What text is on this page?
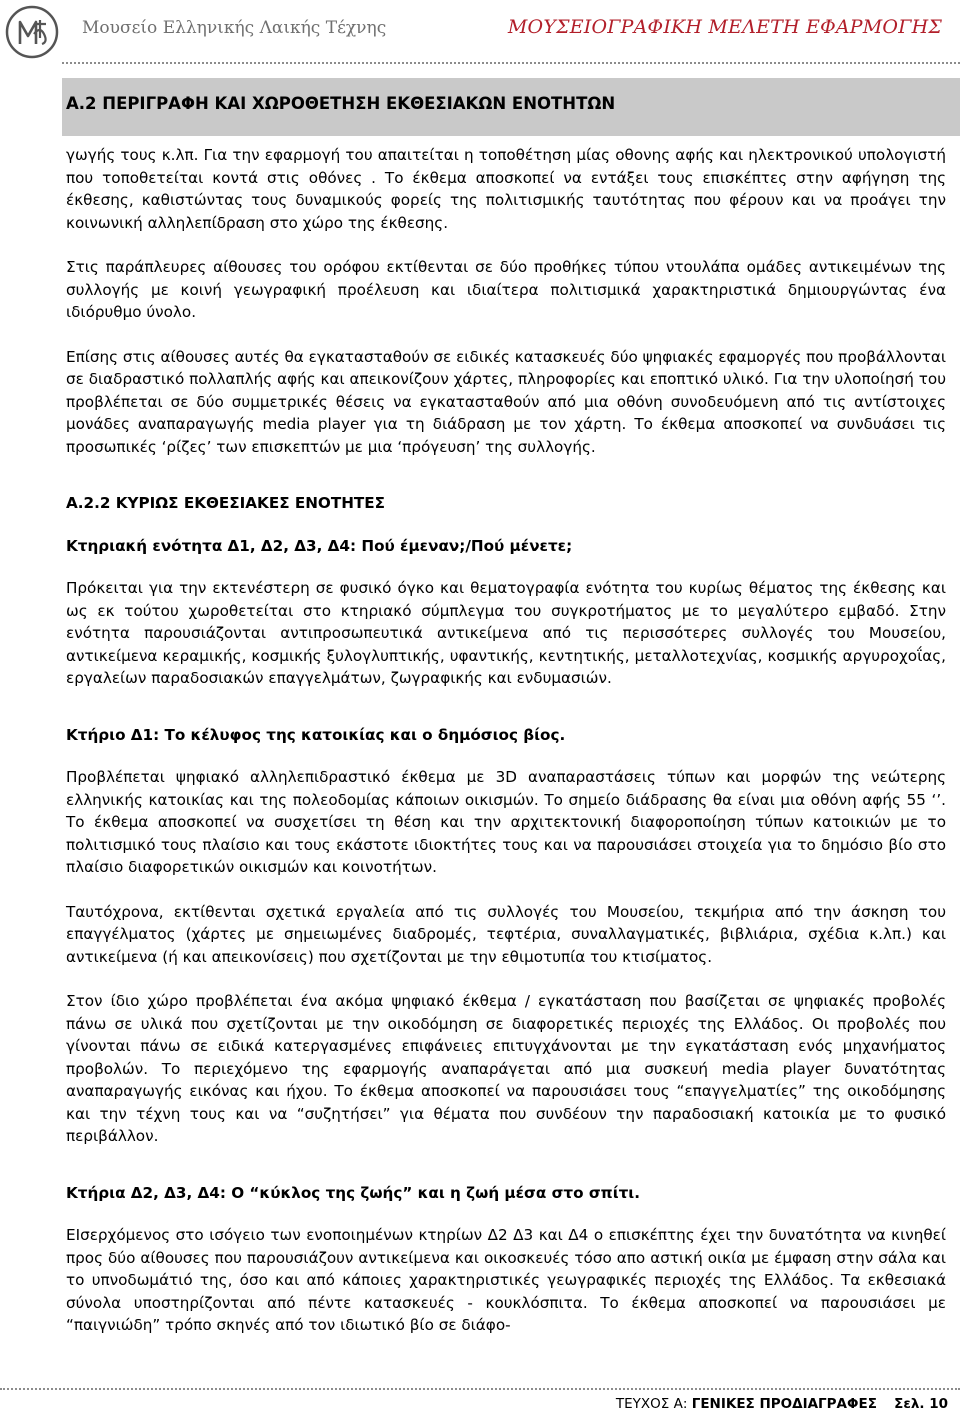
Μουσείο Ελληνικής Λαικής Τέχνης	ΜΟΥΣΕΙΟΓΡΑΦΙΚΗ ΜΕΛΕΤΗ ΕΦΑΡΜΟΓΗΣ
Α.2 ΠΕΡΙΓΡΑΦΗ ΚΑΙ ΧΩΡΟΘΕΤΗΣΗ ΕΚΘΕΣΙΑΚΩΝ ΕΝΟΤΗΤΩΝ

γωγής τους κ.λπ. Για την εφαρμογή του απαιτείται η τοποθέτηση μίας οθονης αφής και ηλεκτρονικού υπολογιστή που τοποθετείται κοντά στις οθόνες . Το έκθεμα αποσκοπεί να εντάξει τους επισκέπτες στην αφήγηση της έκθεσης, καθιστώντας τους δυναμικούς φορείς της πολιτισμικής ταυτότητας που φέρουν και να προάγει την κοινωνική αλληλεπίδραση στο χώρο της έκθεσης.

Στις παράπλευρες αίθουσες του ορόφου εκτίθενται σε δύο προθήκες τύπου ντουλάπα ομάδες αντικειμένων της συλλογής με κοινή γεωγραφική προέλευση και ιδιαίτερα πολιτισμικά χαρακτηριστικά δημιουργώντας ένα ιδιόρυθμο ύνολο.

Επίσης στις αίθουσες αυτές θα εγκατασταθούν σε ειδικές κατασκευές δύο ψηφιακές εφαμοργές που προβάλλονται σε διαδραστικό πολλαπλής αφής και απεικονίζουν χάρτες, πληροφορίες και εποπτικό υλικό. Για την υλοποίησή του προβλέπεται σε δύο συμμετρικές θέσεις να εγκατασταθούν από μια οθόνη συνοδευόμενη από τις αντίστοιχες μονάδες αναπαραγωγής media player για τη διάδραση με τον χάρτη. Το έκθεμα αποσκοπεί να συνδυάσει τις προσωπικές ‘ρίζες’ των επισκεπτών με μια ‘πρόγευση’ της συλλογής.

Α.2.2 ΚΥΡΙΩΣ ΕΚΘΕΣΙΑΚΕΣ ΕΝΟΤΗΤΕΣ
Κτηριακή ενότητα Δ1, Δ2, Δ3, Δ4: Πού έμεναν;/Πού μένετε;

Πρόκειται για την εκτενέστερη σε φυσικό όγκο και θεματογραφία ενότητα του κυρίως θέματος της έκθεσης και ως εκ τούτου χωροθετείται στο κτηριακό σύμπλεγμα του συγκροτήματος με το μεγαλύτερο εμβαδό. Στην ενότητα παρουσιάζονται αντιπροσωπευτικά αντικείμενα από τις περισσότερες συλλογές του Μουσείου, αντικείμενα κεραμικής, κοσμικής ξυλογλυπτικής, υφαντικής, κεντητικής, μεταλλοτεχνίας, κοσμικής αργυροχοΐας, εργαλείων παραδοσιακών επαγγελμάτων, ζωγραφικής και ενδυμασιών.

Κτήριο Δ1: Το κέλυφος της κατοικίας και ο δημόσιος βίος.

Προβλέπεται ψηφιακό αλληλεπιδραστικό έκθεμα με 3D αναπαραστάσεις τύπων και μορφών της νεώτερης ελληνικής κατοικίας και της πολεοδομίας κάποιων οικισμών. Το σημείο διάδρασης θα είναι μια οθόνη αφής 55 ‘’. Το έκθεμα αποσκοπεί να συσχετίσει τη θέση και την αρχιτεκτονική διαφοροποίηση τύπων κατοικιών με το πολιτισμικό τους πλαίσιο και τους εκάστοτε ιδιοκτήτες τους και να παρουσιάσει στοιχεία για το δημόσιο βίο στο πλαίσιο διαφορετικών οικισμών και κοινοτήτων.

Ταυτόχρονα, εκτίθενται σχετικά εργαλεία από τις συλλογές του Μουσείου, τεκμήρια από την άσκηση του επαγγέλματος (χάρτες με σημειωμένες διαδρομές, τεφτέρια, συναλλαγματικές, βιβλιάρια, σχέδια κ.λπ.) και αντικείμενα (ή και απεικονίσεις) που σχετίζονται με την εθιμοτυπία του κτισίματος.

Στον ίδιο χώρο προβλέπεται ένα ακόμα ψηφιακό έκθεμα / εγκατάσταση που βασίζεται σε ψηφιακές προβολές πάνω σε υλικά που σχετίζονται με την οικοδόμηση σε διαφορετικές περιοχές της Ελλάδος. Οι προβολές που γίνονται πάνω σε ειδικά κατεργασμένες επιφάνειες επιτυγχάνονται με την εγκατάσταση ενός μηχανήματος προβολών. Το περιεχόμενο της εφαρμογής αναπαράγεται από μια συσκευή media player δυνατότητας αναπαραγωγής εικόνας και ήχου. Το έκθεμα αποσκοπεί να παρουσιάσει τους “επαγγελματίες” της οικοδόμησης και την τέχνη τους και να “συζητήσει” για θέματα που συνδέουν την παραδοσιακή κατοικία με το φυσικό περιβάλλον.

Κτήρια Δ2, Δ3, Δ4: Ο “κύκλος της ζωής” και η ζωή μέσα στο σπίτι.

ΕΙσερχόμενος στο ισόγειο των ενοποιημένων κτηρίων Δ2 Δ3 και Δ4 ο επισκέπτης έχει την δυνατότητα να κινηθεί προς δύο αίθουσες που παρουσιάζουν αντικείμενα και οικοσκευές τόσο απο αστική οικία με έμφαση στην σάλα και το υπνοδωμάτιό της, όσο και από κάποιες χαρακτηριστικές γεωγραφικές περιοχές της Ελλάδος. Τα εκθεσιακά σύνολα υποστηρίζονται από πέντε κατασκευές - κουκλόσπιτα. Το έκθεμα αποσκοπεί να παρουσιάσει με “παιγνιώδη” τρόπο σκηνές από τον ιδιωτικό βίο σε διάφο-

ΤΕΥΧΟΣ Α: ΓΕΝΙΚΕΣ ΠΡΟΔΙΑΓΡΑΦΕΣ Σελ. 10
